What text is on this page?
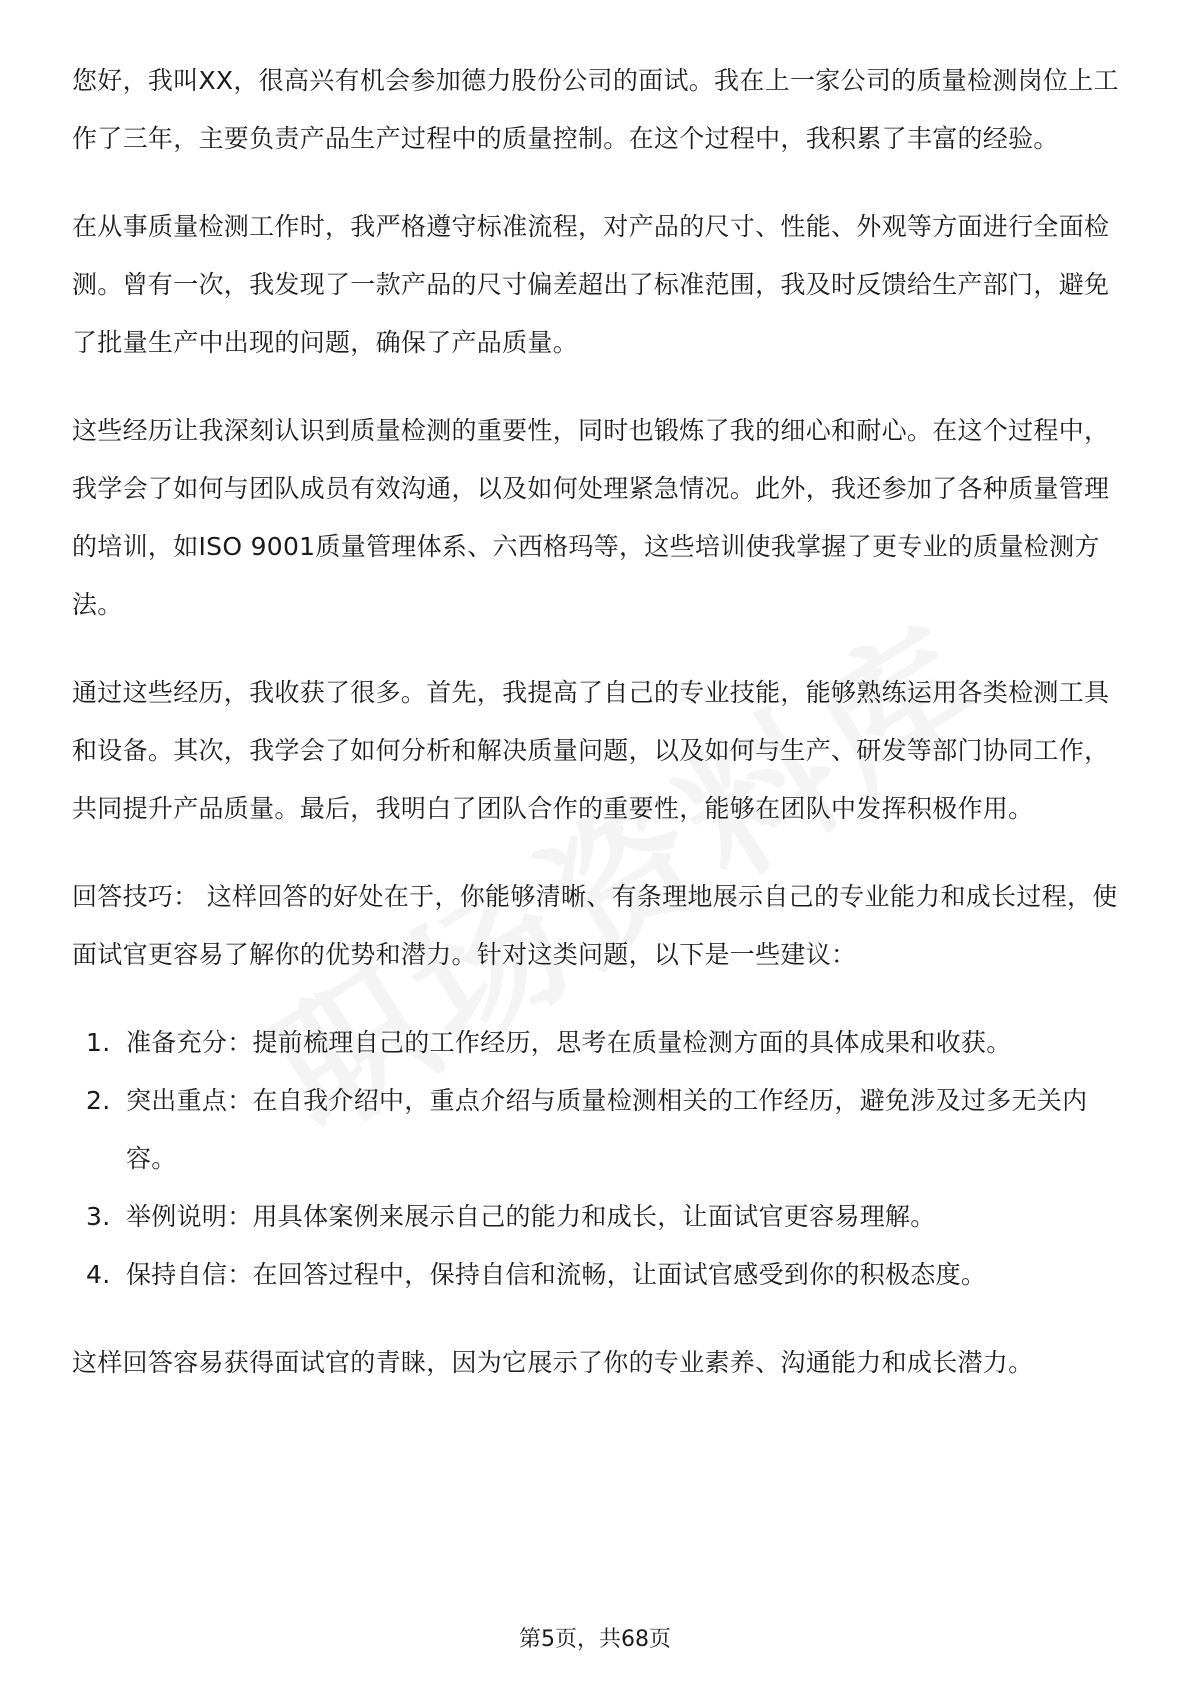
您好，我叫XX，很高兴有机会参加德力股份公司的面试。我在上一家公司的质量检测岗位上工作了三年，主要负责产品生产过程中的质量控制。在这个过程中，我积累了丰富的经验。

在从事质量检测工作时，我严格遵守标准流程，对产品的尺寸、性能、外观等方面进行全面检测。曾有一次，我发现了一款产品的尺寸偏差超出了标准范围，我及时反馈给生产部门，避免了批量生产中出现的问题，确保了产品质量。

这些经历让我深刻认识到质量检测的重要性，同时也锻炼了我的细心和耐心。在这个过程中，我学会了如何与团队成员有效沟通，以及如何处理紧急情况。此外，我还参加了各种质量管理的培训，如ISO 9001质量管理体系、六西格玛等，这些培训使我掌握了更专业的质量检测方法。

通过这些经历，我收获了很多。首先，我提高了自己的专业技能，能够熟练运用各类检测工具和设备。其次，我学会了如何分析和解决质量问题，以及如何与生产、研发等部门协同工作，共同提升产品质量。最后，我明白了团队合作的重要性，能够在团队中发挥积极作用。

回答技巧： 这样回答的好处在于，你能够清晰、有条理地展示自己的专业能力和成长过程，使面试官更容易了解你的优势和潜力。针对这类问题，以下是一些建议：

1. 准备充分：提前梳理自己的工作经历，思考在质量检测方面的具体成果和收获。
2. 突出重点：在自我介绍中，重点介绍与质量检测相关的工作经历，避免涉及过多无关内容。
3. 举例说明：用具体案例来展示自己的能力和成长，让面试官更容易理解。
4. 保持自信：在回答过程中，保持自信和流畅，让面试官感受到你的积极态度。

这样回答容易获得面试官的青睐，因为它展示了你的专业素养、沟通能力和成长潜力。

第5页，共68页
